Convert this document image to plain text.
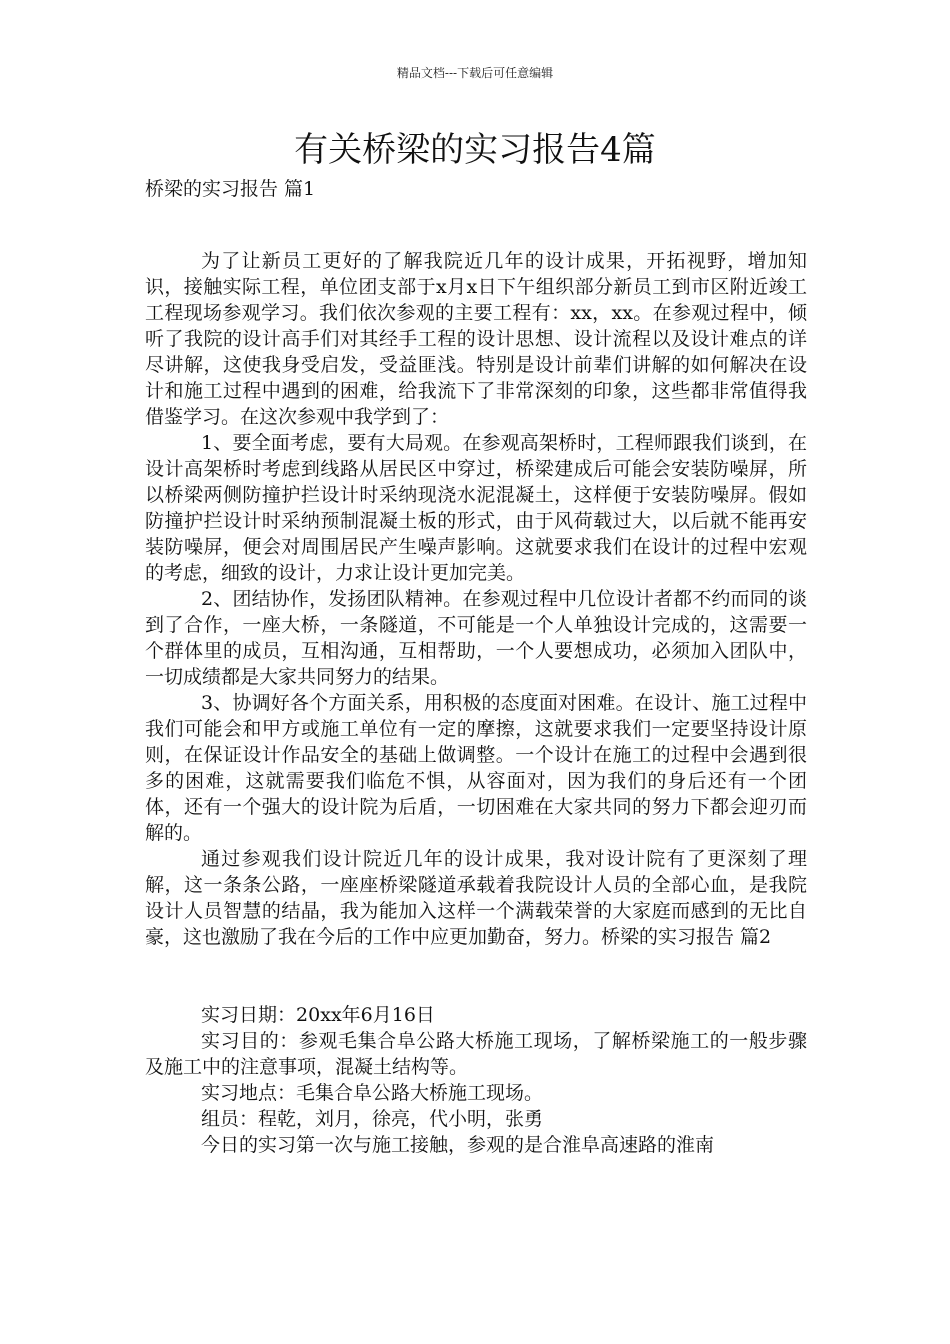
精品文档---下载后可任意编辑
有关桥梁的实习报告4篇
桥梁的实习报告 篇1

为了让新员工更好的了解我院近几年的设计成果，开拓视野，增加知识，接触实际工程，单位团支部于x月x日下午组织部分新员工到市区附近竣工工程现场参观学习。我们依次参观的主要工程有：xx，xx。在参观过程中，倾听了我院的设计高手们对其经手工程的设计思想、设计流程以及设计难点的详尽讲解，这使我身受启发，受益匪浅。特别是设计前辈们讲解的如何解决在设计和施工过程中遇到的困难，给我流下了非常深刻的印象，这些都非常值得我借鉴学习。在这次参观中我学到了：

1、要全面考虑，要有大局观。在参观高架桥时，工程师跟我们谈到，在设计高架桥时考虑到线路从居民区中穿过，桥梁建成后可能会安装防噪屏，所以桥梁两侧防撞护拦设计时采纳现浇水泥混凝土，这样便于安装防噪屏。假如防撞护拦设计时采纳预制混凝土板的形式，由于风荷载过大，以后就不能再安装防噪屏，便会对周围居民产生噪声影响。这就要求我们在设计的过程中宏观的考虑，细致的设计，力求让设计更加完美。

2、团结协作，发扬团队精神。在参观过程中几位设计者都不约而同的谈到了合作，一座大桥，一条隧道，不可能是一个人单独设计完成的，这需要一个群体里的成员，互相沟通，互相帮助，一个人要想成功，必须加入团队中，一切成绩都是大家共同努力的结果。

3、协调好各个方面关系，用积极的态度面对困难。在设计、施工过程中我们可能会和甲方或施工单位有一定的摩擦，这就要求我们一定要坚持设计原则，在保证设计作品安全的基础上做调整。一个设计在施工的过程中会遇到很多的困难，这就需要我们临危不惧，从容面对，因为我们的身后还有一个团体，还有一个强大的设计院为后盾，一切困难在大家共同的努力下都会迎刃而解的。

通过参观我们设计院近几年的设计成果，我对设计院有了更深刻了理解，这一条条公路，一座座桥梁隧道承载着我院设计人员的全部心血，是我院设计人员智慧的结晶，我为能加入这样一个满载荣誉的大家庭而感到的无比自豪，这也激励了我在今后的工作中应更加勤奋，努力。桥梁的实习报告 篇2

实习日期：20xx年6月16日

实习目的：参观毛集合阜公路大桥施工现场，了解桥梁施工的一般步骤及施工中的注意事项，混凝土结构等。

实习地点：毛集合阜公路大桥施工现场。

组员：程乾，刘月，徐亮，代小明，张勇

今日的实习第一次与施工接触，参观的是合淮阜高速路的淮南
